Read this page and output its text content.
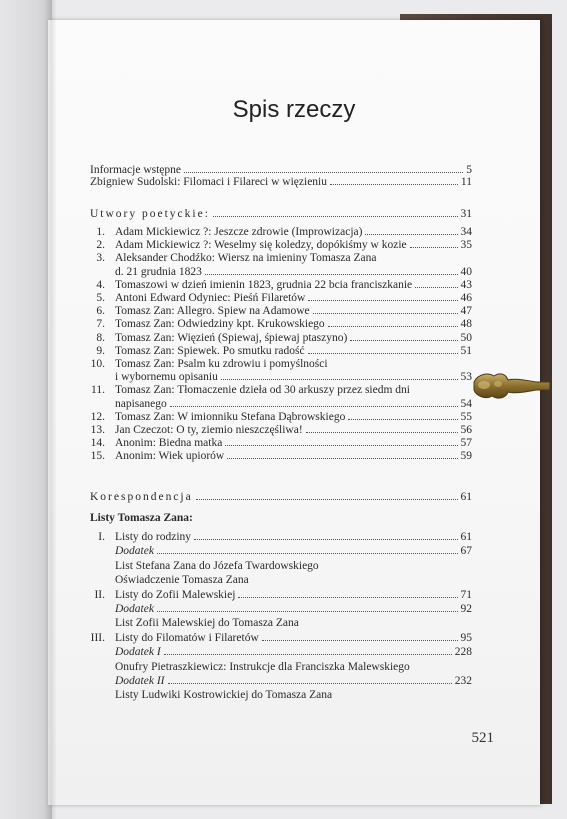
Spis rzeczy
Informacje wstępne	5
Zbigniew Sudolski: Filomaci i Filareci w więzieniu	11
Utwory poetyckie:	31
1. Adam Mickiewicz ?: Jeszcze zdrowie (Improwizacja)	34
2. Adam Mickiewicz ?: Weselmy się koledzy, dopókiśmy w kozie	35
3. Aleksander Chodźko: Wiersz na imieniny Tomasza Zana
d. 21 grudnia 1823	40
4. Tomaszowi w dzień imienin 1823, grudnia 22 bcia franciszkanie	43
5. Antoni Edward Odyniec: Pieśń Filaretów	46
6. Tomasz Zan: Allegro. Spiew na Adamowe	47
7. Tomasz Zan: Odwiedziny kpt. Krukowskiego	48
8. Tomasz Zan: Więzień (Spiewaj, śpiewaj ptaszyno)	50
9. Tomasz Zan: Spiewek. Po smutku radość	51
10. Tomasz Zan: Psalm ku zdrowiu i pomyślności
i wybornemu opisaniu	53
11. Tomasz Zan: Tłomaczenie dzieła od 30 arkuszy przez siedm dni
napisanego	54
12. Tomasz Zan: W imionniku Stefana Dąbrowskiego	55
13. Jan Czeczot: O ty, ziemio nieszczęśliwa!	56
14. Anonim: Biedna matka	57
15. Anonim: Wiek upiorów	59
Korespondencja	61
Listy Tomasza Zana:
I. Listy do rodziny	61
Dodatek	67
List Stefana Zana do Józefa Twardowskiego
Oświadczenie Tomasza Zana
II. Listy do Zofii Malewskiej	71
Dodatek	92
List Zofii Malewskiej do Tomasza Zana
III. Listy do Filomatów i Filaretów	95
Dodatek I	228
Onufry Pietraszkiewicz: Instrukcje dla Franciszka Malewskiego
Dodatek II	232
Listy Ludwiki Kostrowickiej do Tomasza Zana
521
